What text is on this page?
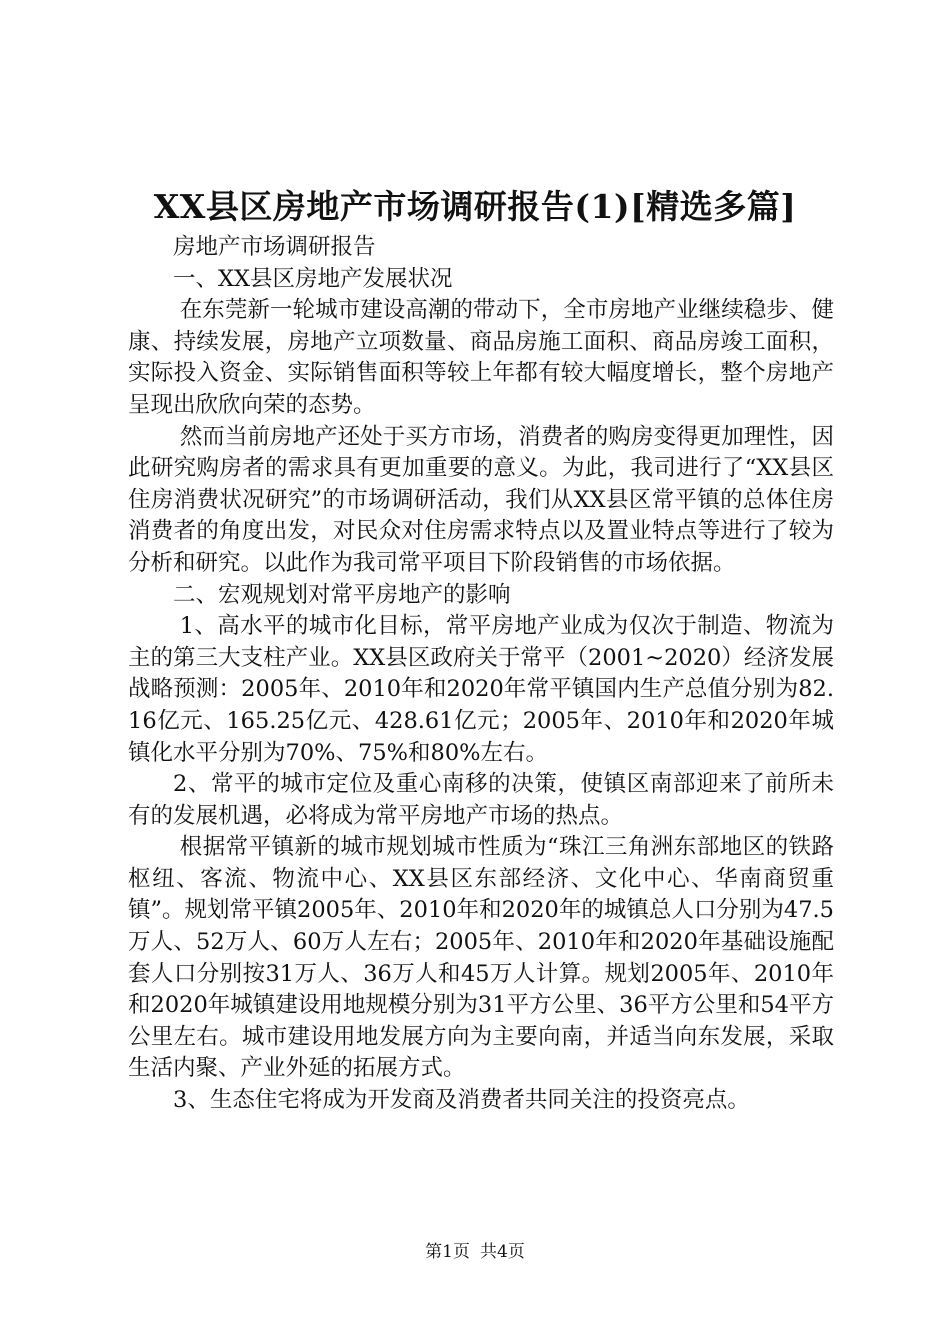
XX县区房地产市场调研报告(1)[精选多篇]

房地产市场调研报告

一、XX县区房地产发展状况

在东莞新一轮城市建设高潮的带动下，全市房地产业继续稳步、健康、持续发展，房地产立项数量、商品房施工面积、商品房竣工面积，实际投入资金、实际销售面积等较上年都有较大幅度增长，整个房地产呈现出欣欣向荣的态势。

然而当前房地产还处于买方市场，消费者的购房变得更加理性，因此研究购房者的需求具有更加重要的意义。为此，我司进行了“XX县区住房消费状况研究”的市场调研活动，我们从XX县区常平镇的总体住房消费者的角度出发，对民众对住房需求特点以及置业特点等进行了较为分析和研究。以此作为我司常平项目下阶段销售的市场依据。

二、宏观规划对常平房地产的影响

1、高水平的城市化目标，常平房地产业成为仅次于制造、物流为主的第三大支柱产业。XX县区政府关于常平（2001~2020）经济发展战略预测：2005年、2010年和2020年常平镇国内生产总值分别为82.16亿元、165.25亿元、428.61亿元；2005年、2010年和2020年城镇化水平分别为70%、75%和80%左右。

2、常平的城市定位及重心南移的决策，使镇区南部迎来了前所未有的发展机遇，必将成为常平房地产市场的热点。

根据常平镇新的城市规划城市性质为“珠江三角洲东部地区的铁路枢纽、客流、物流中心、XX县区东部经济、文化中心、华南商贸重镇”。规划常平镇2005年、2010年和2020年的城镇总人口分别为47.5万人、52万人、60万人左右；2005年、2010年和2020年基础设施配套人口分别按31万人、36万人和45万人计算。规划2005年、2010年和2020年城镇建设用地规模分别为31平方公里、36平方公里和54平方公里左右。城市建设用地发展方向为主要向南，并适当向东发展，采取生活内聚、产业外延的拓展方式。

3、生态住宅将成为开发商及消费者共同关注的投资亮点。

第1页 共4页
